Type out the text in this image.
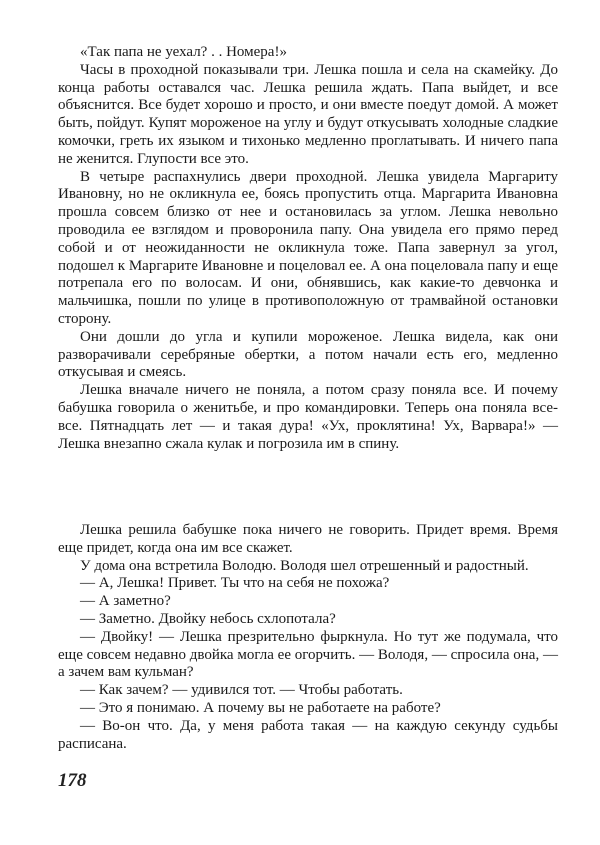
«Так папа не уехал? . . Номера!»

Часы в проходной показывали три. Лешка пошла и села на скамейку. До конца работы оставался час. Лешка решила ждать. Папа выйдет, и все объяснится. Все будет хорошо и просто, и они вместе поедут домой. А может быть, пойдут. Купят мороженое на углу и будут откусывать холодные сладкие комочки, греть их языком и тихонько медленно проглатывать. И ничего папа не женится. Глупости все это.

В четыре распахнулись двери проходной. Лешка увидела Маргариту Ивановну, но не окликнула ее, боясь пропустить отца. Маргарита Ивановна прошла совсем близко от нее и остановилась за углом. Лешка невольно проводила ее взглядом и проворонила папу. Она увидела его прямо перед собой и от неожиданности не окликнула тоже. Папа завернул за угол, подошел к Маргарите Ивановне и поцеловал ее. А она поцеловала папу и еще потрепала его по волосам. И они, обнявшись, как какие-то девчонка и мальчишка, пошли по улице в противоположную от трамвайной остановки сторону.

Они дошли до угла и купили мороженое. Лешка видела, как они разворачивали серебряные обертки, а потом начали есть его, медленно откусывая и смеясь.

Лешка вначале ничего не поняла, а потом сразу поняла все. И почему бабушка говорила о женитьбе, и про командировки. Теперь она поняла все-все. Пятнадцать лет — и такая дура! «Ух, проклятина! Ух, Варвара!» — Лешка внезапно сжала кулак и погрозила им в спину.

Лешка решила бабушке пока ничего не говорить. Придет время. Время еще придет, когда она им все скажет.

У дома она встретила Володю. Володя шел отрешенный и радостный.

— А, Лешка! Привет. Ты что на себя не похожа?

— А заметно?

— Заметно. Двойку небось схлопотала?

— Двойку! — Лешка презрительно фыркнула. Но тут же подумала, что еще совсем недавно двойка могла ее огорчить. — Володя, — спросила она, — а зачем вам кульман?

— Как зачем? — удивился тот. — Чтобы работать.

— Это я понимаю. А почему вы не работаете на работе?

— Во-он что. Да, у меня работа такая — на каждую секунду судьбы расписана.

178
